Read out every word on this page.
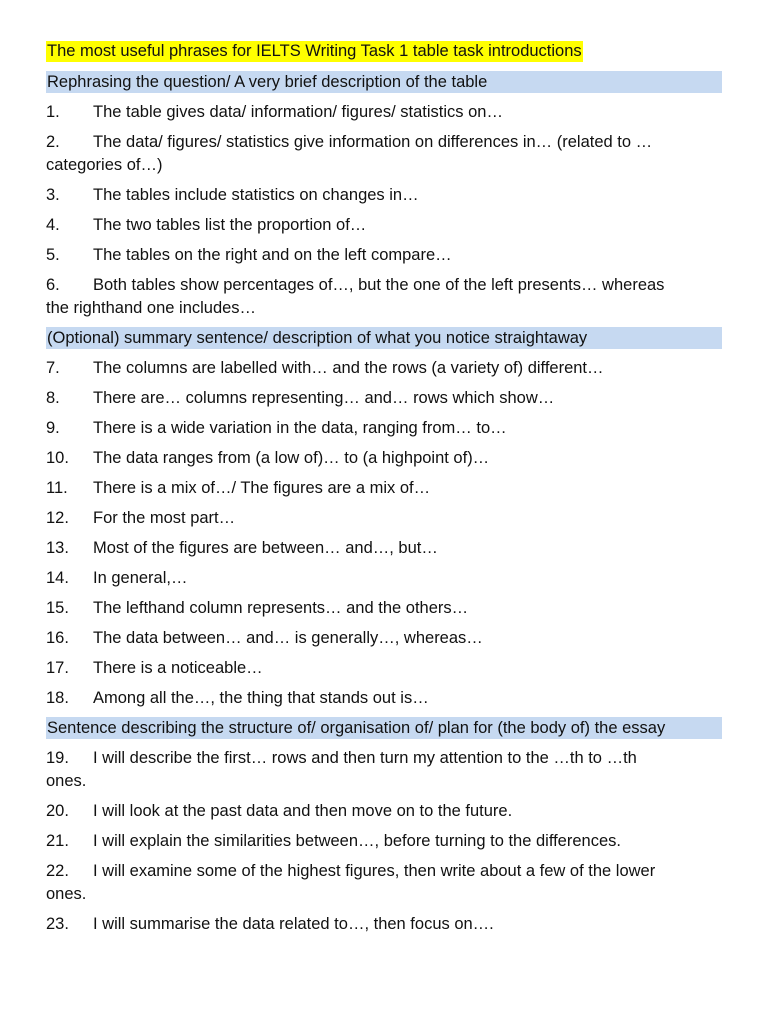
The most useful phrases for IELTS Writing Task 1 table task introductions
Rephrasing the question/ A very brief description of the table
1. The table gives data/ information/ figures/ statistics on…
2. The data/ figures/ statistics give information on differences in… (related to …
categories of…)
3. The tables include statistics on changes in…
4. The two tables list the proportion of…
5. The tables on the right and on the left compare…
6. Both tables show percentages of…, but the one of the left presents… whereas
the righthand one includes…
(Optional) summary sentence/ description of what you notice straightaway
7. The columns are labelled with… and the rows (a variety of) different…
8. There are… columns representing… and… rows which show…
9. There is a wide variation in the data, ranging from… to…
10. The data ranges from (a low of)… to (a highpoint of)…
11. There is a mix of…/ The figures are a mix of…
12. For the most part…
13. Most of the figures are between… and…, but…
14. In general,…
15. The lefthand column represents… and the others…
16. The data between… and… is generally…, whereas…
17. There is a noticeable…
18. Among all the…, the thing that stands out is…
Sentence describing the structure of/ organisation of/ plan for (the body of) the essay
19. I will describe the first… rows and then turn my attention to the …th to …th
ones.
20. I will look at the past data and then move on to the future.
21. I will explain the similarities between…, before turning to the differences.
22. I will examine some of the highest figures, then write about a few of the lower
ones.
23. I will summarise the data related to…, then focus on….
